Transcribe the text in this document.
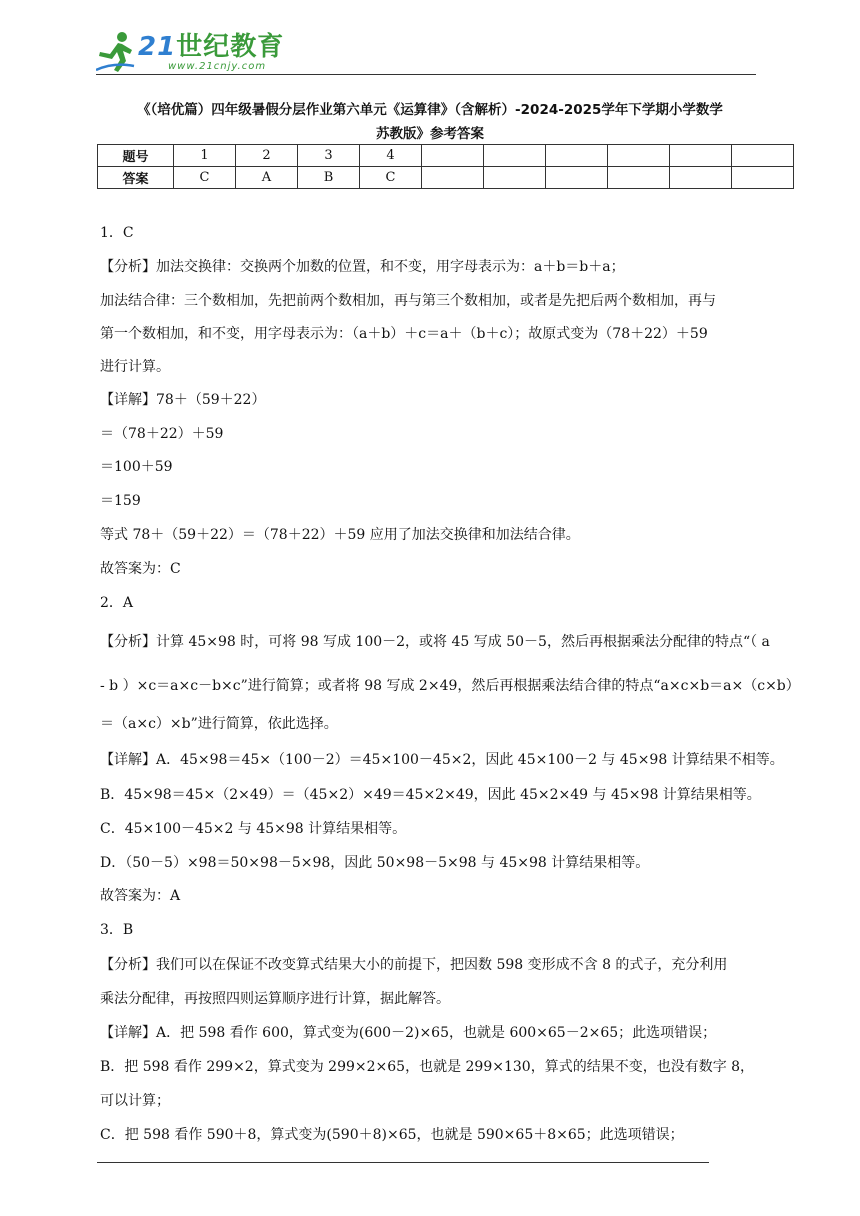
21世纪教育
www.21cnjy.com
《（培优篇）四年级暑假分层作业第六单元《运算律》（含解析）-2024-2025学年下学期小学数学
苏教版》参考答案
题号	1	2	3	4						
答案	C	A	B	C						
1．C
【分析】加法交换律：交换两个加数的位置，和不变，用字母表示为：a＋b＝b＋a；
加法结合律：三个数相加，先把前两个数相加，再与第三个数相加，或者是先把后两个数相加，再与
第一个数相加，和不变，用字母表示为：（a＋b）＋c＝a＋（b＋c）；故原式变为（78＋22）＋59
进行计算。
【详解】78＋（59＋22）
＝（78＋22）＋59
＝100＋59
＝159
等式 78＋（59＋22）＝（78＋22）＋59 应用了加法交换律和加法结合律。
故答案为：C
2．A
【分析】计算 45×98 时，可将 98 写成 100－2，或将 45 写成 50－5，然后再根据乘法分配律的特点“（ a
- b ）×c＝a×c－b×c”进行简算；或者将 98 写成 2×49，然后再根据乘法结合律的特点“a×c×b＝a×（c×b）
＝（a×c）×b”进行简算，依此选择。
【详解】A．45×98＝45×（100－2）＝45×100－45×2，因此 45×100－2 与 45×98 计算结果不相等。
B．45×98＝45×（2×49）＝（45×2）×49＝45×2×49，因此 45×2×49 与 45×98 计算结果相等。
C．45×100－45×2 与 45×98 计算结果相等。
D．（50－5）×98＝50×98－5×98，因此 50×98－5×98 与 45×98 计算结果相等。
故答案为：A
3．B
【分析】我们可以在保证不改变算式结果大小的前提下，把因数 598 变形成不含 8 的式子，充分利用
乘法分配律，再按照四则运算顺序进行计算，据此解答。
【详解】A．把 598 看作 600，算式变为(600－2)×65，也就是 600×65－2×65；此选项错误；
B．把 598 看作 299×2，算式变为 299×2×65，也就是 299×130，算式的结果不变，也没有数字 8，
可以计算；
C．把 598 看作 590＋8，算式变为(590＋8)×65，也就是 590×65＋8×65；此选项错误；
